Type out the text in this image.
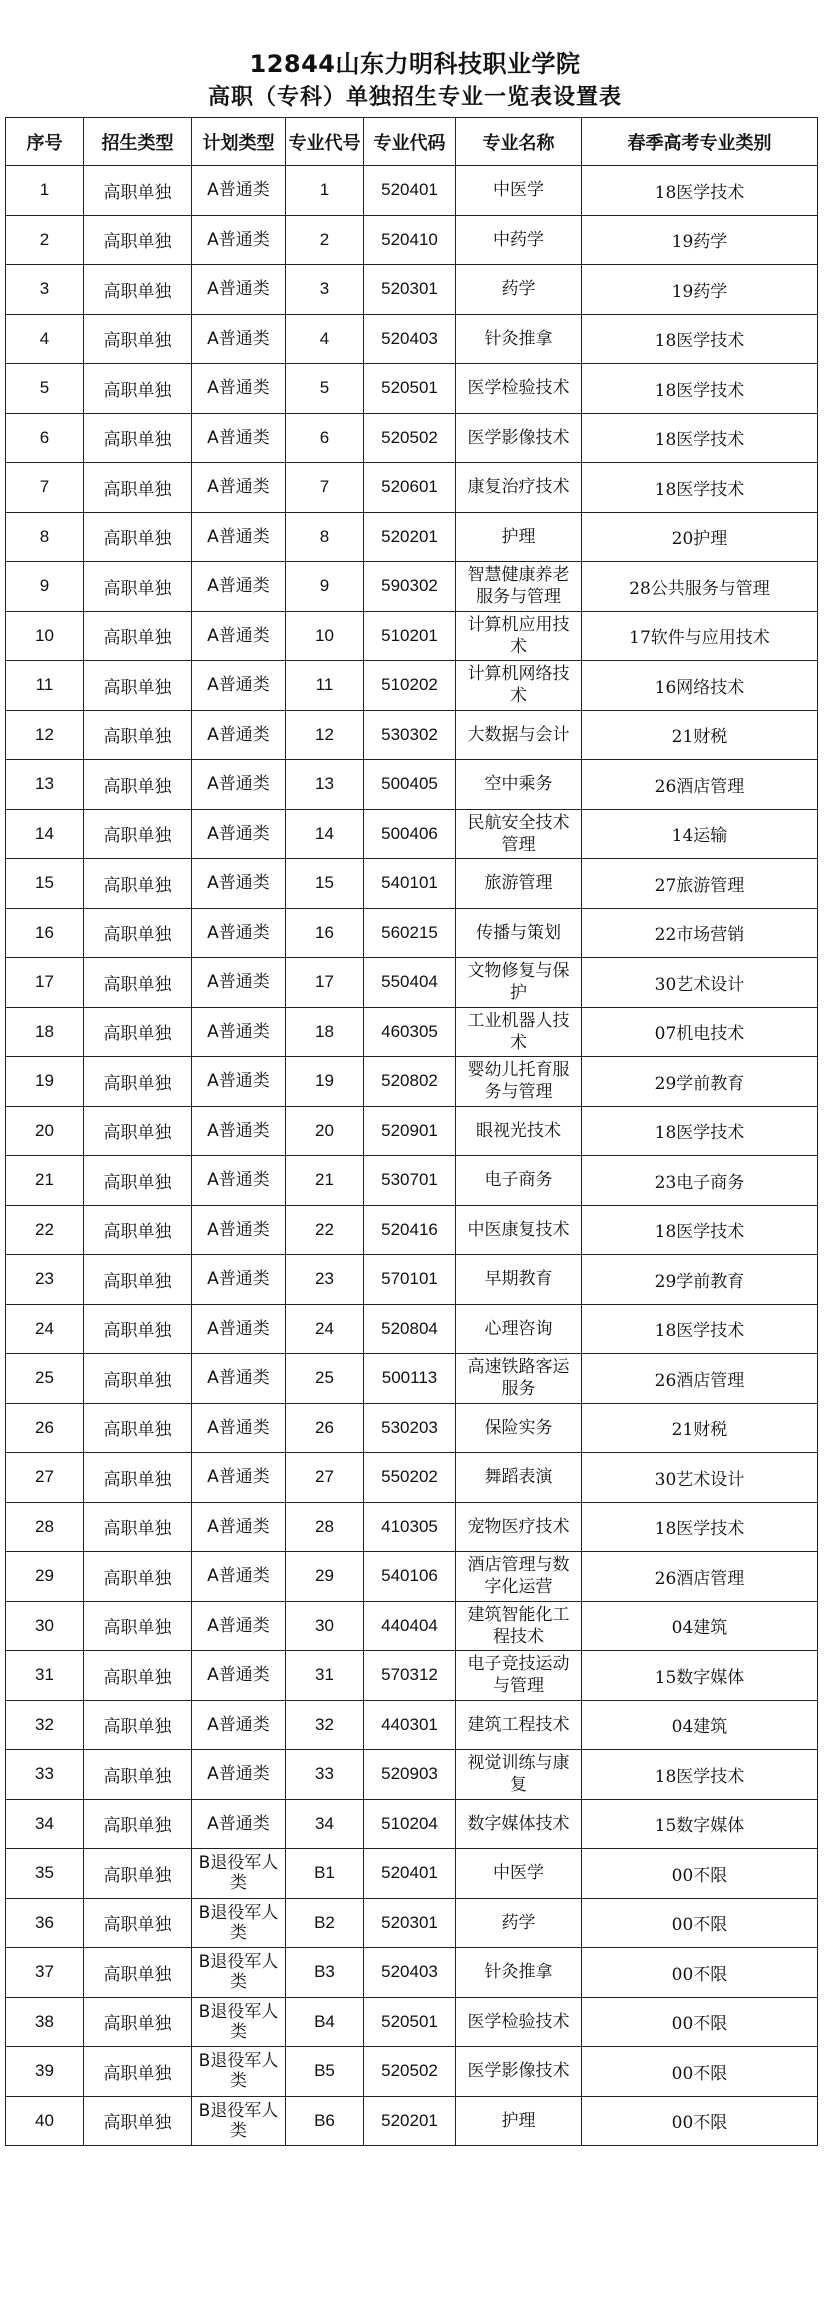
12844山东力明科技职业学院
高职（专科）单独招生专业一览表设置表
序号	招生类型	计划类型	专业代号	专业代码	专业名称	春季高考专业类别
1	高职单独	A普通类	1	520401	中医学	18医学技术
2	高职单独	A普通类	2	520410	中药学	19药学
3	高职单独	A普通类	3	520301	药学	19药学
4	高职单独	A普通类	4	520403	针灸推拿	18医学技术
5	高职单独	A普通类	5	520501	医学检验技术	18医学技术
6	高职单独	A普通类	6	520502	医学影像技术	18医学技术
7	高职单独	A普通类	7	520601	康复治疗技术	18医学技术
8	高职单独	A普通类	8	520201	护理	20护理
9	高职单独	A普通类	9	590302	智慧健康养老服务与管理	28公共服务与管理
10	高职单独	A普通类	10	510201	计算机应用技术	17软件与应用技术
11	高职单独	A普通类	11	510202	计算机网络技术	16网络技术
12	高职单独	A普通类	12	530302	大数据与会计	21财税
13	高职单独	A普通类	13	500405	空中乘务	26酒店管理
14	高职单独	A普通类	14	500406	民航安全技术管理	14运输
15	高职单独	A普通类	15	540101	旅游管理	27旅游管理
16	高职单独	A普通类	16	560215	传播与策划	22市场营销
17	高职单独	A普通类	17	550404	文物修复与保护	30艺术设计
18	高职单独	A普通类	18	460305	工业机器人技术	07机电技术
19	高职单独	A普通类	19	520802	婴幼儿托育服务与管理	29学前教育
20	高职单独	A普通类	20	520901	眼视光技术	18医学技术
21	高职单独	A普通类	21	530701	电子商务	23电子商务
22	高职单独	A普通类	22	520416	中医康复技术	18医学技术
23	高职单独	A普通类	23	570101	早期教育	29学前教育
24	高职单独	A普通类	24	520804	心理咨询	18医学技术
25	高职单独	A普通类	25	500113	高速铁路客运服务	26酒店管理
26	高职单独	A普通类	26	530203	保险实务	21财税
27	高职单独	A普通类	27	550202	舞蹈表演	30艺术设计
28	高职单独	A普通类	28	410305	宠物医疗技术	18医学技术
29	高职单独	A普通类	29	540106	酒店管理与数字化运营	26酒店管理
30	高职单独	A普通类	30	440404	建筑智能化工程技术	04建筑
31	高职单独	A普通类	31	570312	电子竞技运动与管理	15数字媒体
32	高职单独	A普通类	32	440301	建筑工程技术	04建筑
33	高职单独	A普通类	33	520903	视觉训练与康复	18医学技术
34	高职单独	A普通类	34	510204	数字媒体技术	15数字媒体
35	高职单独	B退役军人类	B1	520401	中医学	00不限
36	高职单独	B退役军人类	B2	520301	药学	00不限
37	高职单独	B退役军人类	B3	520403	针灸推拿	00不限
38	高职单独	B退役军人类	B4	520501	医学检验技术	00不限
39	高职单独	B退役军人类	B5	520502	医学影像技术	00不限
40	高职单独	B退役军人类	B6	520201	护理	00不限
